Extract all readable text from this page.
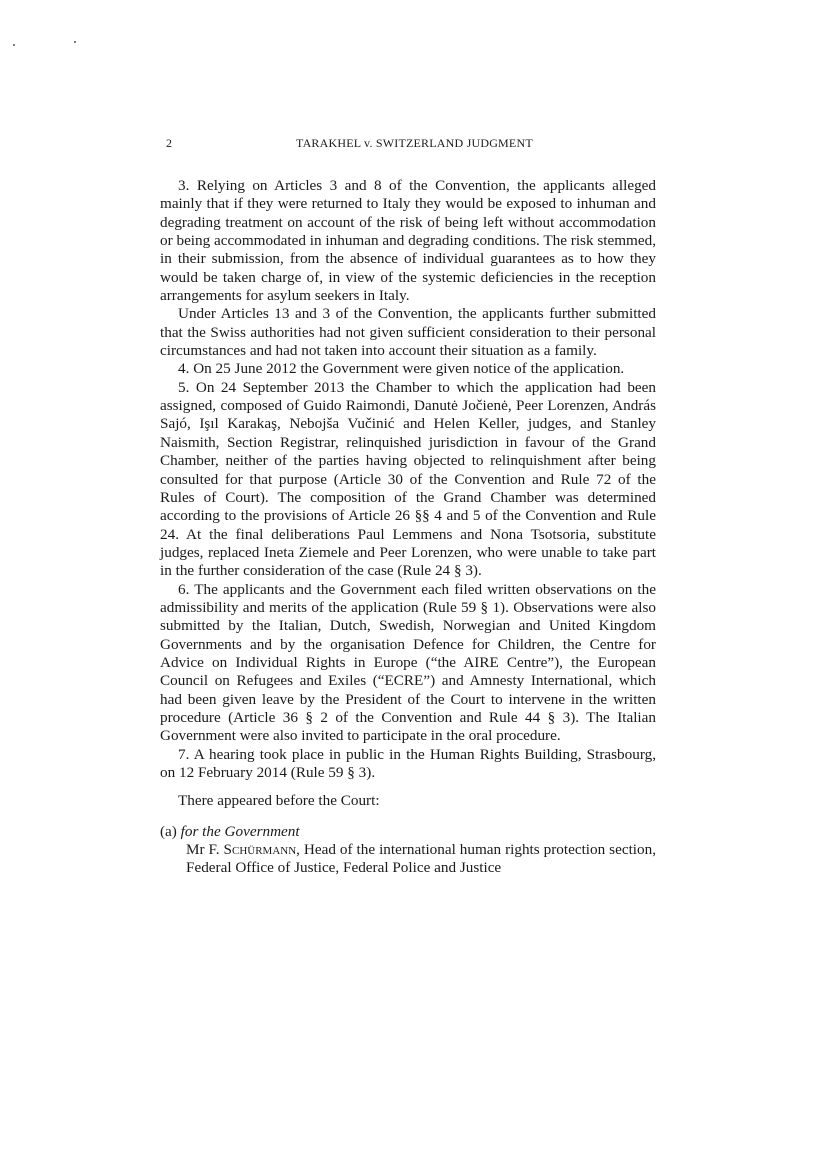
2	TARAKHEL v. SWITZERLAND JUDGMENT

3. Relying on Articles 3 and 8 of the Convention, the applicants alleged mainly that if they were returned to Italy they would be exposed to inhuman and degrading treatment on account of the risk of being left without accommodation or being accommodated in inhuman and degrading conditions. The risk stemmed, in their submission, from the absence of individual guarantees as to how they would be taken charge of, in view of the systemic deficiencies in the reception arrangements for asylum seekers in Italy.

Under Articles 13 and 3 of the Convention, the applicants further submitted that the Swiss authorities had not given sufficient consideration to their personal circumstances and had not taken into account their situation as a family.

4. On 25 June 2012 the Government were given notice of the application.

5. On 24 September 2013 the Chamber to which the application had been assigned, composed of Guido Raimondi, Danutė Jočienė, Peer Lorenzen, András Sajó, Işıl Karakaş, Nebojša Vučinić and Helen Keller, judges, and Stanley Naismith, Section Registrar, relinquished jurisdiction in favour of the Grand Chamber, neither of the parties having objected to relinquishment after being consulted for that purpose (Article 30 of the Convention and Rule 72 of the Rules of Court). The composition of the Grand Chamber was determined according to the provisions of Article 26 §§ 4 and 5 of the Convention and Rule 24. At the final deliberations Paul Lemmens and Nona Tsotsoria, substitute judges, replaced Ineta Ziemele and Peer Lorenzen, who were unable to take part in the further consideration of the case (Rule 24 § 3).

6. The applicants and the Government each filed written observations on the admissibility and merits of the application (Rule 59 § 1). Observations were also submitted by the Italian, Dutch, Swedish, Norwegian and United Kingdom Governments and by the organisation Defence for Children, the Centre for Advice on Individual Rights in Europe (“the AIRE Centre”), the European Council on Refugees and Exiles (“ECRE”) and Amnesty International, which had been given leave by the President of the Court to intervene in the written procedure (Article 36 § 2 of the Convention and Rule 44 § 3). The Italian Government were also invited to participate in the oral procedure.

7. A hearing took place in public in the Human Rights Building, Strasbourg, on 12 February 2014 (Rule 59 § 3).

There appeared before the Court:

(a) for the Government

Mr F. Schürmann, Head of the international human rights protection section, Federal Office of Justice, Federal Police and Justice
